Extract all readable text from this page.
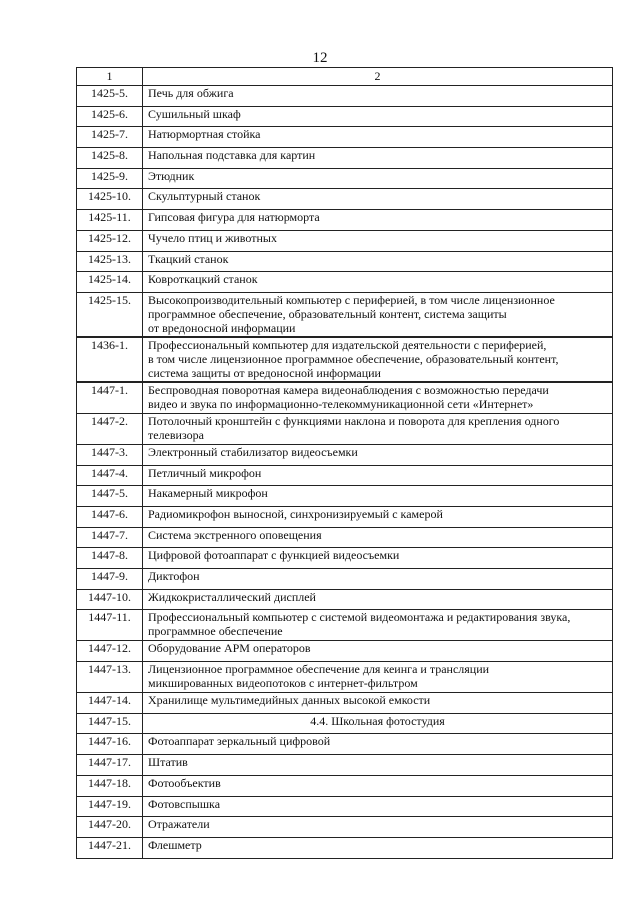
12
1	2
1425-5.	Печь для обжига
1425-6.	Сушильный шкаф
1425-7.	Натюрмортная стойка
1425-8.	Напольная подставка для картин
1425-9.	Этюдник
1425-10.	Скульптурный станок
1425-11.	Гипсовая фигура для натюрморта
1425-12.	Чучело птиц и животных
1425-13.	Ткацкий станок
1425-14.	Ковроткацкий станок
1425-15.	Высокопроизводительный компьютер с периферией, в том числе лицензионное
программное обеспечение, образовательный контент, система защиты
от вредоносной информации

1436-1.	Профессиональный компьютер для издательской деятельности с периферией,
в том числе лицензионное программное обеспечение, образовательный контент,
система защиты от вредоносной информации

1447-1.	Беспроводная поворотная камера видеонаблюдения с возможностью передачи
видео и звука по информационно-телекоммуникационной сети «Интернет»

1447-2.	Потолочный кронштейн с функциями наклона и поворота для крепления одного
телевизора

1447-3.	Электронный стабилизатор видеосъемки
1447-4.	Петличный микрофон
1447-5.	Накамерный микрофон
1447-6.	Радиомикрофон выносной, синхронизируемый с камерой
1447-7.	Система экстренного оповещения
1447-8.	Цифровой фотоаппарат с функцией видеосъемки
1447-9.	Диктофон
1447-10.	Жидкокристаллический дисплей
1447-11.	Профессиональный компьютер с системой видеомонтажа и редактирования звука,
программное обеспечение

1447-12.	Оборудование АРМ операторов
1447-13.	Лицензионное программное обеспечение для кеинга и трансляции
микшированных видеопотоков с интернет-фильтром

1447-14.	Хранилище мультимедийных данных высокой емкости
1447-15.	4.4. Школьная фотостудия
1447-16.	Фотоаппарат зеркальный цифровой
1447-17.	Штатив
1447-18.	Фотообъектив
1447-19.	Фотовспышка
1447-20.	Отражатели
1447-21.	Флешметр
